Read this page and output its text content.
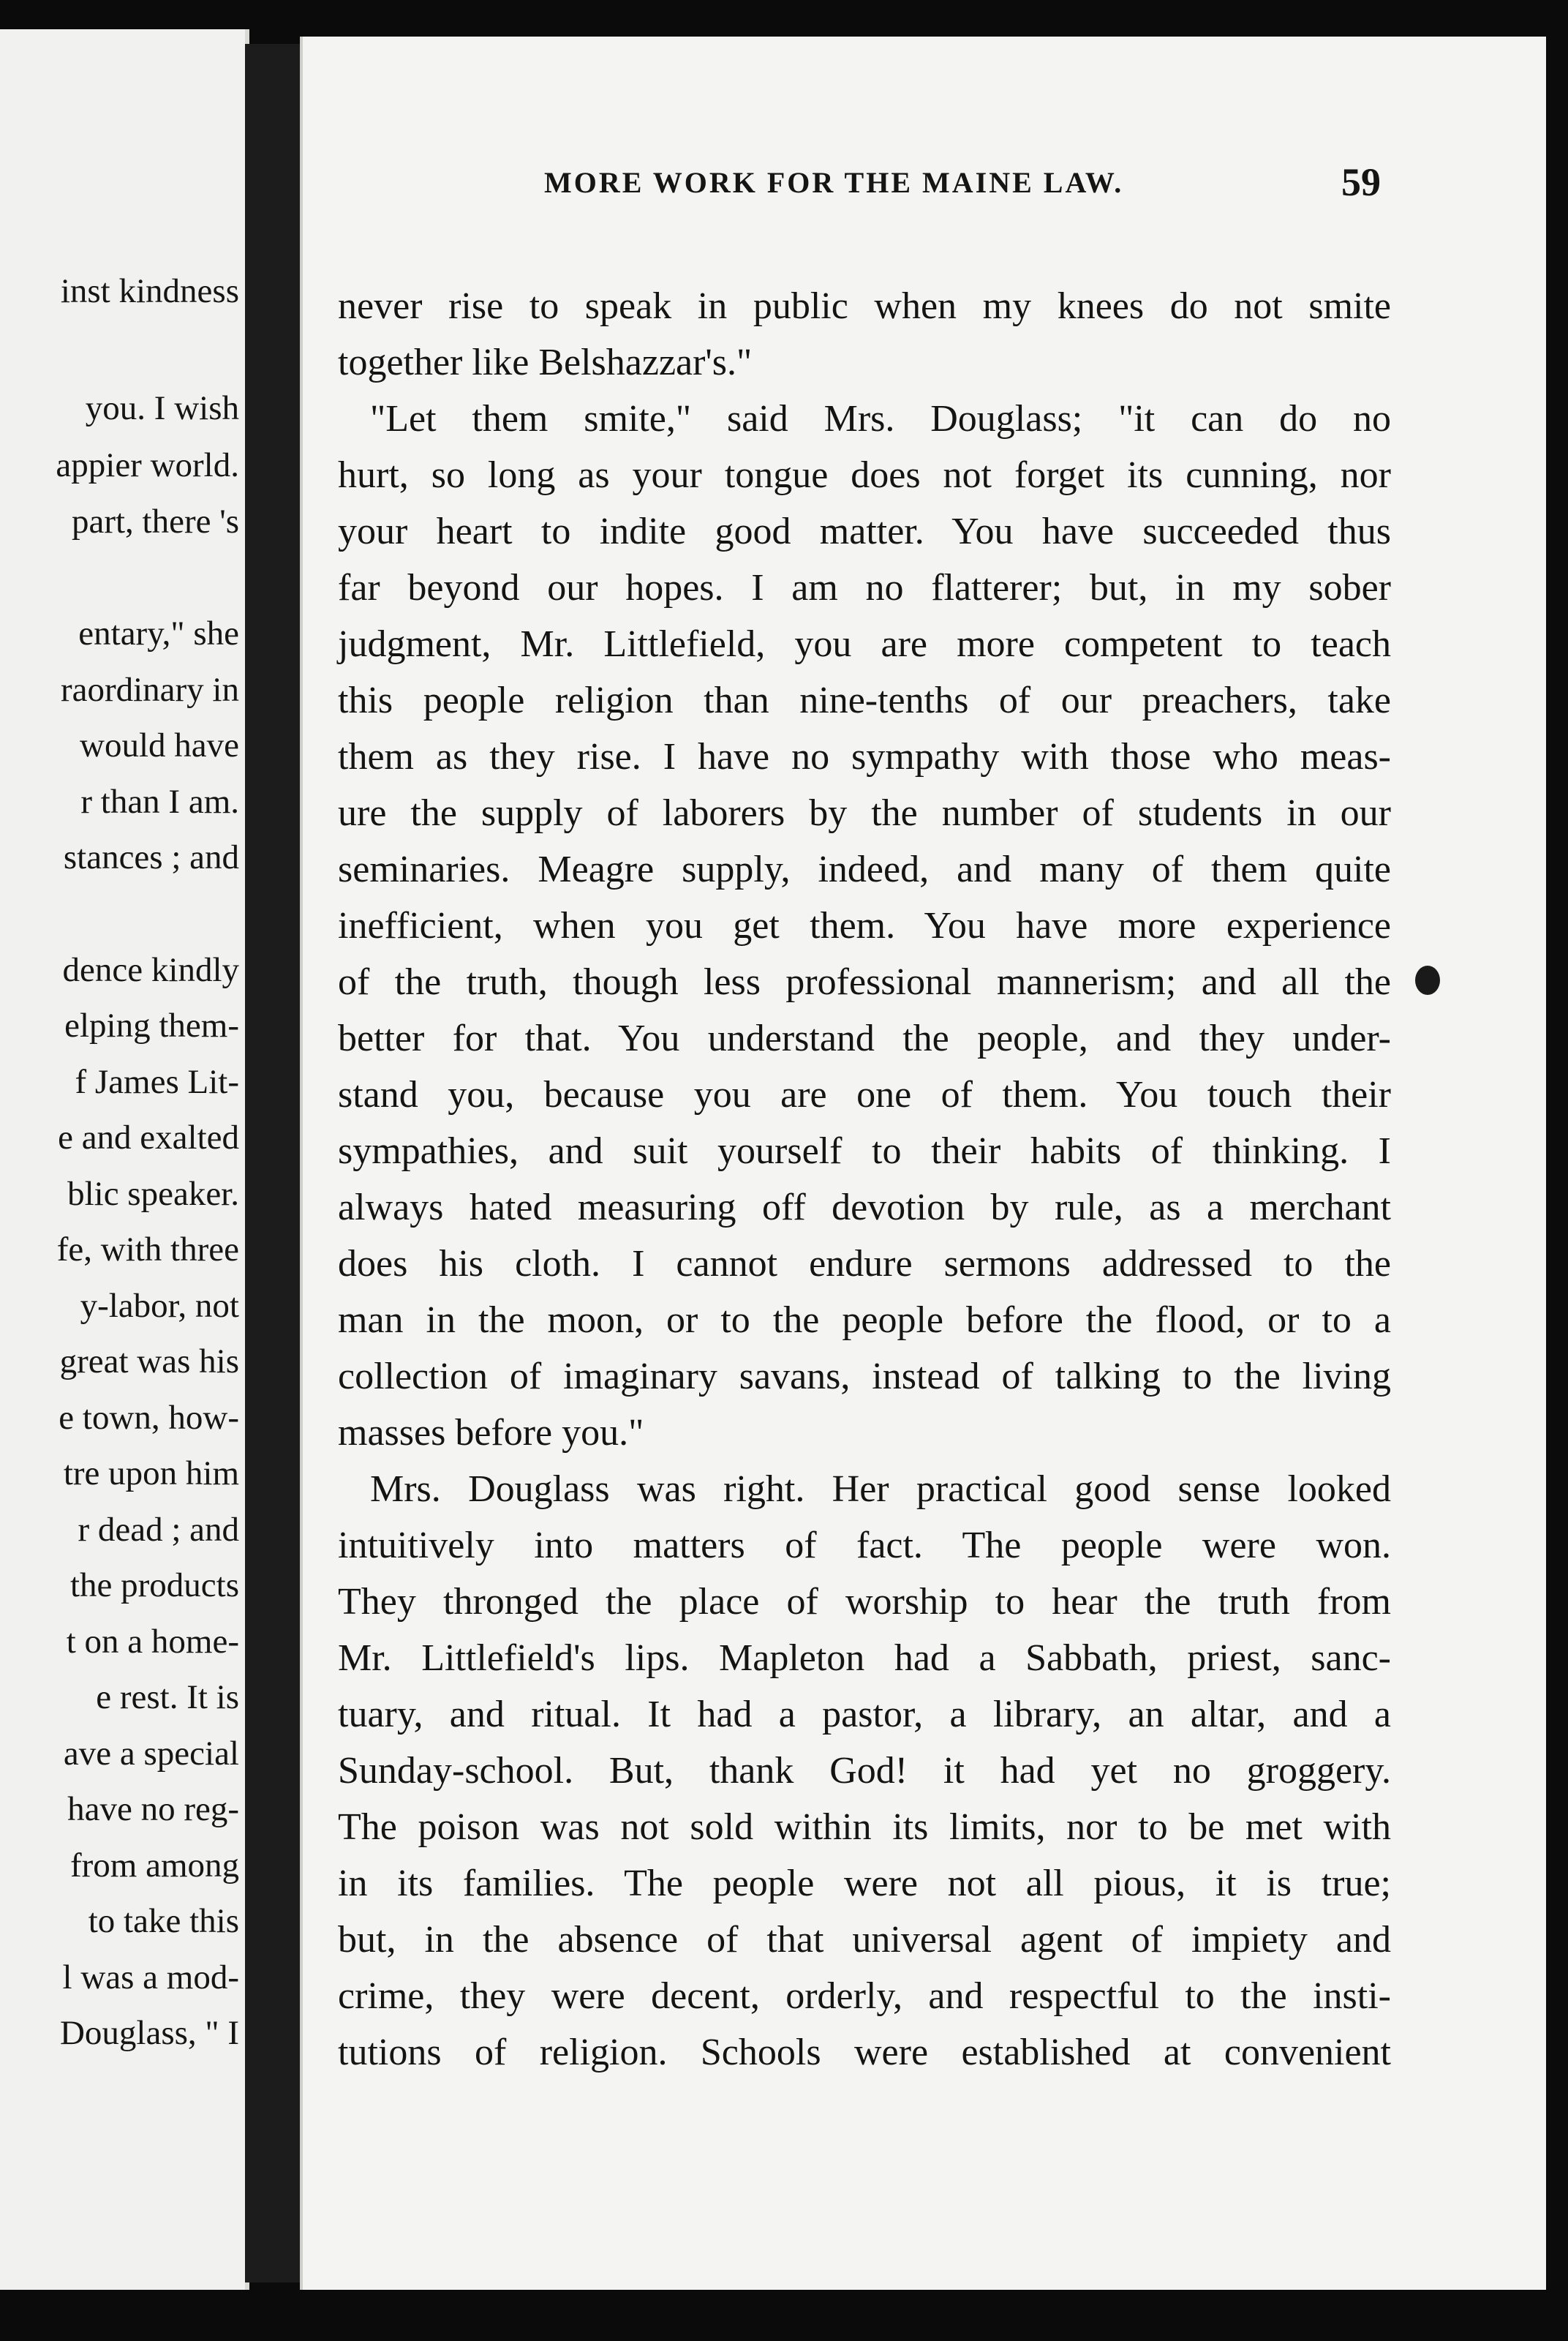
inst kindness
you. I wish
appier world.
part, there 's
entary," she
raordinary in
would have
r than I am.
stances ; and
dence kindly
elping them-
f James Lit-
e and exalted
blic speaker.
fe, with three
y-labor, not
great was his
e town, how-
tre upon him
r dead ; and
the products
t on a home-
e rest. It is
ave a special
have no reg-
from among
to take this
l was a mod-
Douglass, " I
MORE WORK FOR THE MAINE LAW.	59
never rise to speak in public when my knees do not smite
together like Belshazzar's."
"Let them smite," said Mrs. Douglass; "it can do no
hurt, so long as your tongue does not forget its cunning, nor
your heart to indite good matter. You have succeeded thus
far beyond our hopes. I am no flatterer; but, in my sober
judgment, Mr. Littlefield, you are more competent to teach
this people religion than nine-tenths of our preachers, take
them as they rise. I have no sympathy with those who meas-
ure the supply of laborers by the number of students in our
seminaries. Meagre supply, indeed, and many of them quite
inefficient, when you get them. You have more experience
of the truth, though less professional mannerism; and all the
better for that. You understand the people, and they under-
stand you, because you are one of them. You touch their
sympathies, and suit yourself to their habits of thinking. I
always hated measuring off devotion by rule, as a merchant
does his cloth. I cannot endure sermons addressed to the
man in the moon, or to the people before the flood, or to a
collection of imaginary savans, instead of talking to the living
masses before you."
Mrs. Douglass was right. Her practical good sense looked
intuitively into matters of fact. The people were won.
They thronged the place of worship to hear the truth from
Mr. Littlefield's lips. Mapleton had a Sabbath, priest, sanc-
tuary, and ritual. It had a pastor, a library, an altar, and a
Sunday-school. But, thank God! it had yet no groggery.
The poison was not sold within its limits, nor to be met with
in its families. The people were not all pious, it is true;
but, in the absence of that universal agent of impiety and
crime, they were decent, orderly, and respectful to the insti-
tutions of religion. Schools were established at convenient
